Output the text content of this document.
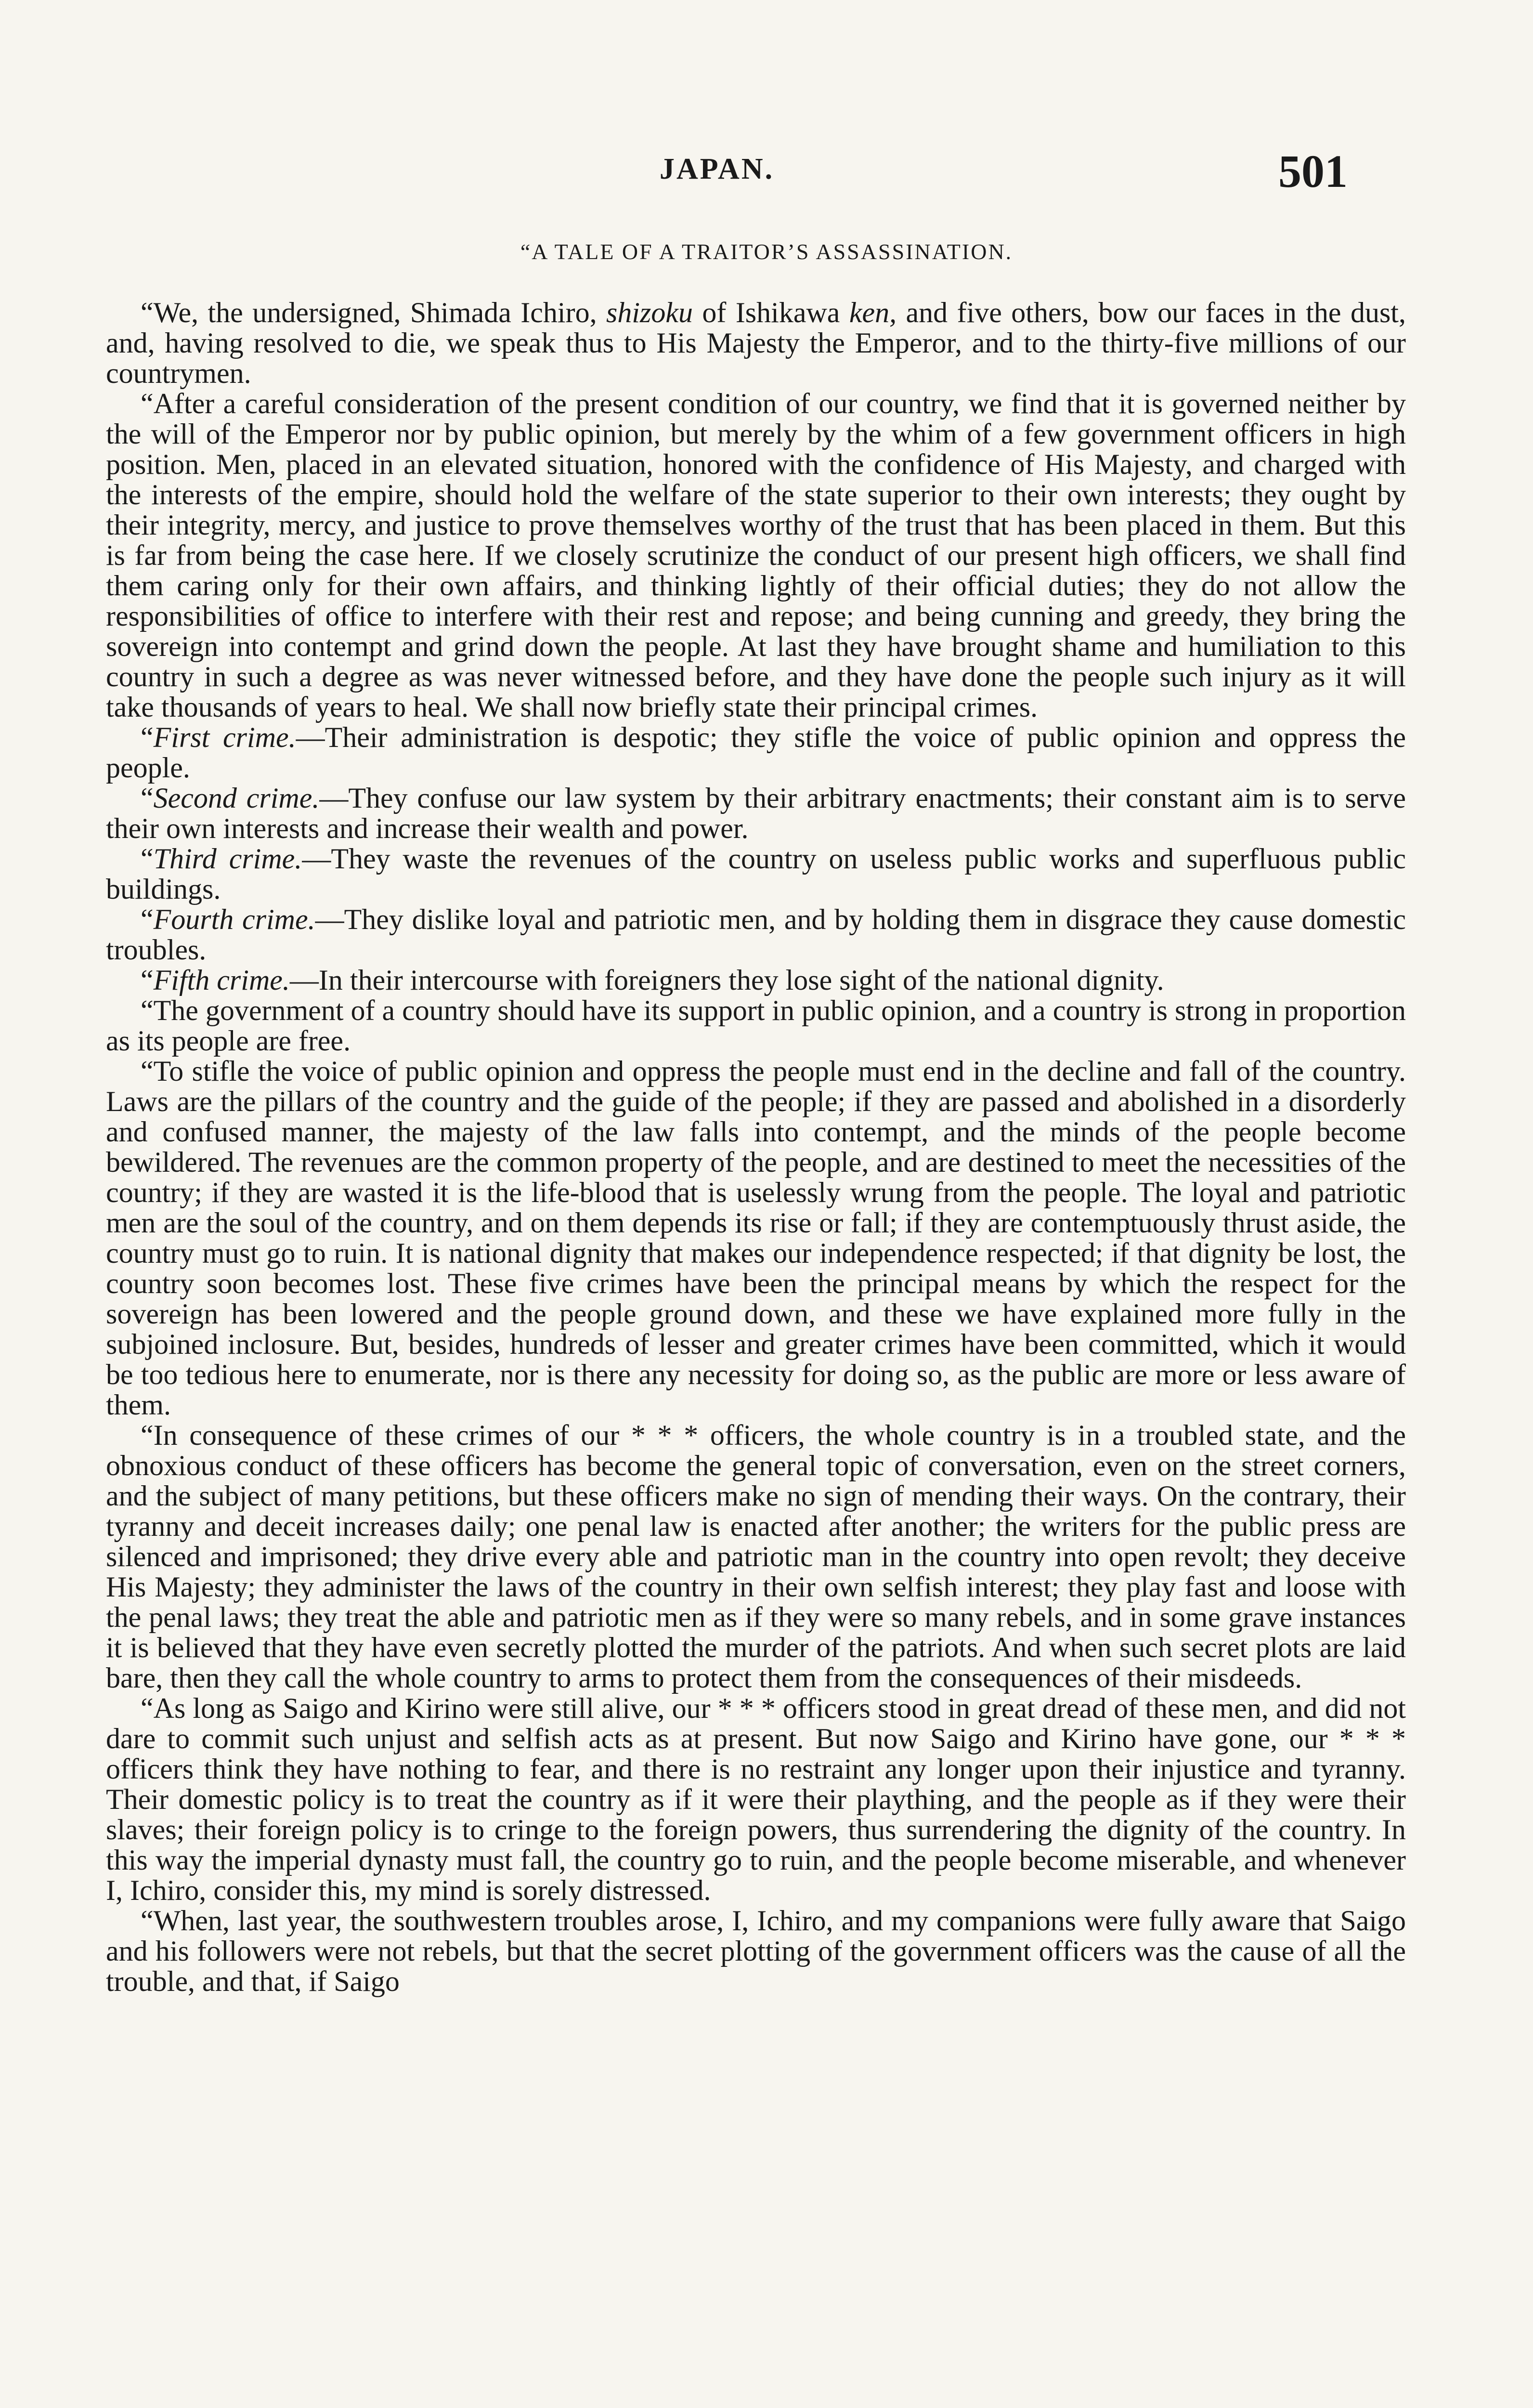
JAPAN.	501
“A TALE OF A TRAITOR’S ASSASSINATION.

“We, the undersigned, Shimada Ichiro, shizoku of Ishikawa ken, and five others, bow our faces in the dust, and, having resolved to die, we speak thus to His Majesty the Emperor, and to the thirty-five millions of our countrymen.

“After a careful consideration of the present condition of our country, we find that it is governed neither by the will of the Emperor nor by public opinion, but merely by the whim of a few government officers in high position. Men, placed in an elevated situation, honored with the confidence of His Majesty, and charged with the interests of the empire, should hold the welfare of the state superior to their own interests; they ought by their integrity, mercy, and justice to prove themselves worthy of the trust that has been placed in them. But this is far from being the case here. If we closely scrutinize the conduct of our present high officers, we shall find them caring only for their own affairs, and thinking lightly of their official duties; they do not allow the responsibilities of office to interfere with their rest and repose; and being cunning and greedy, they bring the sovereign into contempt and grind down the people. At last they have brought shame and humiliation to this country in such a degree as was never witnessed before, and they have done the people such injury as it will take thousands of years to heal. We shall now briefly state their principal crimes.

“First crime.—Their administration is despotic; they stifle the voice of public opinion and oppress the people.

“Second crime.—They confuse our law system by their arbitrary enactments; their constant aim is to serve their own interests and increase their wealth and power.

“Third crime.—They waste the revenues of the country on useless public works and superfluous public buildings.

“Fourth crime.—They dislike loyal and patriotic men, and by holding them in disgrace they cause domestic troubles.

“Fifth crime.—In their intercourse with foreigners they lose sight of the national dignity.

“The government of a country should have its support in public opinion, and a country is strong in proportion as its people are free.

“To stifle the voice of public opinion and oppress the people must end in the decline and fall of the country. Laws are the pillars of the country and the guide of the people; if they are passed and abolished in a disorderly and confused manner, the majesty of the law falls into contempt, and the minds of the people become bewildered. The revenues are the common property of the people, and are destined to meet the necessities of the country; if they are wasted it is the life-blood that is uselessly wrung from the people. The loyal and patriotic men are the soul of the country, and on them depends its rise or fall; if they are contemptuously thrust aside, the country must go to ruin. It is national dignity that makes our independence respected; if that dignity be lost, the country soon becomes lost. These five crimes have been the principal means by which the respect for the sovereign has been lowered and the people ground down, and these we have explained more fully in the subjoined inclosure. But, besides, hundreds of lesser and greater crimes have been committed, which it would be too tedious here to enumerate, nor is there any necessity for doing so, as the public are more or less aware of them.

“In consequence of these crimes of our * * * officers, the whole country is in a troubled state, and the obnoxious conduct of these officers has become the general topic of conversation, even on the street corners, and the subject of many petitions, but these officers make no sign of mending their ways. On the contrary, their tyranny and deceit increases daily; one penal law is enacted after another; the writers for the public press are silenced and imprisoned; they drive every able and patriotic man in the country into open revolt; they deceive His Majesty; they administer the laws of the country in their own selfish interest; they play fast and loose with the penal laws; they treat the able and patriotic men as if they were so many rebels, and in some grave instances it is believed that they have even secretly plotted the murder of the patriots. And when such secret plots are laid bare, then they call the whole country to arms to protect them from the consequences of their misdeeds.

“As long as Saigo and Kirino were still alive, our * * * officers stood in great dread of these men, and did not dare to commit such unjust and selfish acts as at present. But now Saigo and Kirino have gone, our * * * officers think they have nothing to fear, and there is no restraint any longer upon their injustice and tyranny. Their domestic policy is to treat the country as if it were their plaything, and the people as if they were their slaves; their foreign policy is to cringe to the foreign powers, thus surrendering the dignity of the country. In this way the imperial dynasty must fall, the country go to ruin, and the people become miserable, and whenever I, Ichiro, consider this, my mind is sorely distressed.

“When, last year, the southwestern troubles arose, I, Ichiro, and my companions were fully aware that Saigo and his followers were not rebels, but that the secret plotting of the government officers was the cause of all the trouble, and that, if Saigo
